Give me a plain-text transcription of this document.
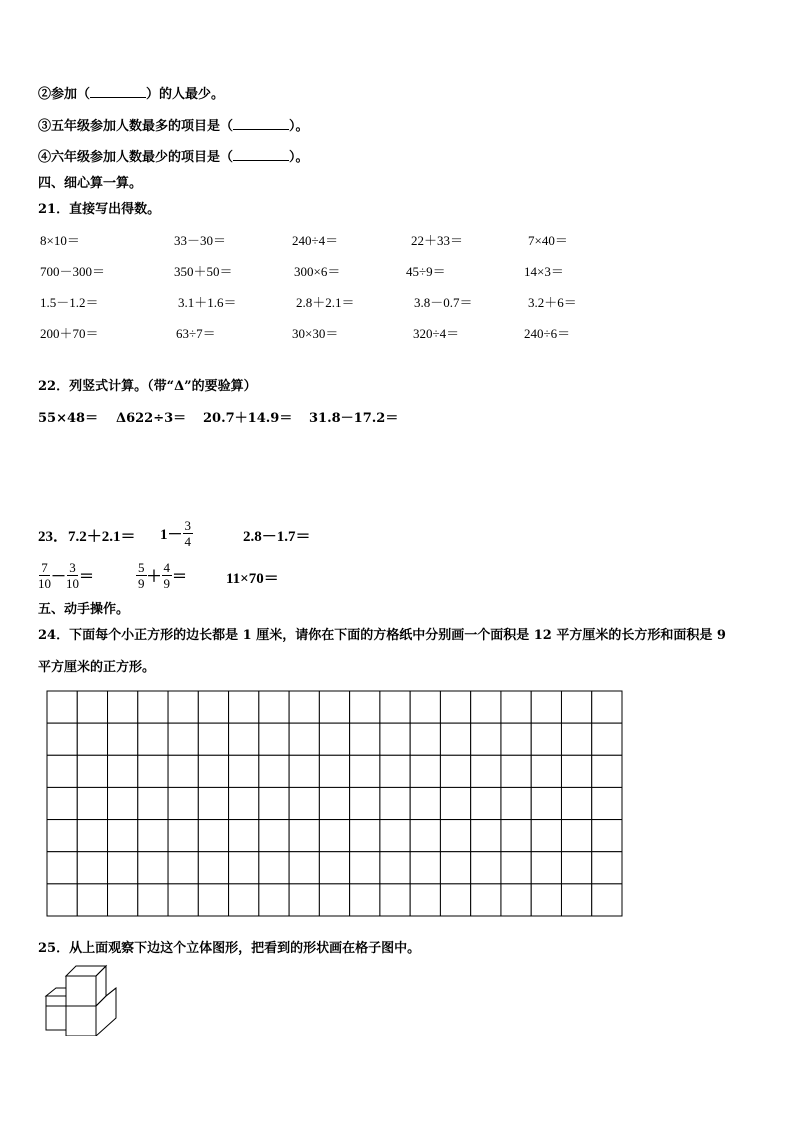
②参加（	）的人最少。
③五年级参加人数最多的项目是（	）。
④六年级参加人数最少的项目是（	）。
四、细心算一算。
21．直接写出得数。
8×10＝	33－30＝	240÷4＝	22＋33＝	7×40＝
700－300＝	350＋50＝	300×6＝	45÷9＝	14×3＝
1.5－1.2＝	3.1＋1.6＝	2.8＋2.1＝	3.8－0.7＝	3.2＋6＝
200＋70＝	63÷7＝	30×30＝	320÷4＝	240÷6＝
22．列竖式计算。（带“Δ”的要验算）
55×48＝ Δ622÷3＝ 20.7＋14.9＝ 31.8－17.2＝
23．$7.2+2.1= 1- \frac{3}{4}$	2.8－1.7＝
$\frac{7}{10} - \frac{3}{10}$ ＝	$\frac{5}{9} + \frac{4}{9}$ ＝	11×70＝
五、动手操作。
24．下面每个小正方形的边长都是 1 厘米，请你在下面的方格纸中分别画一个面积是 12 平方厘米的长方形和面积是 9
平方厘米的正方形。
25．从上面观察下边这个立体图形，把看到的形状画在格子图中。
